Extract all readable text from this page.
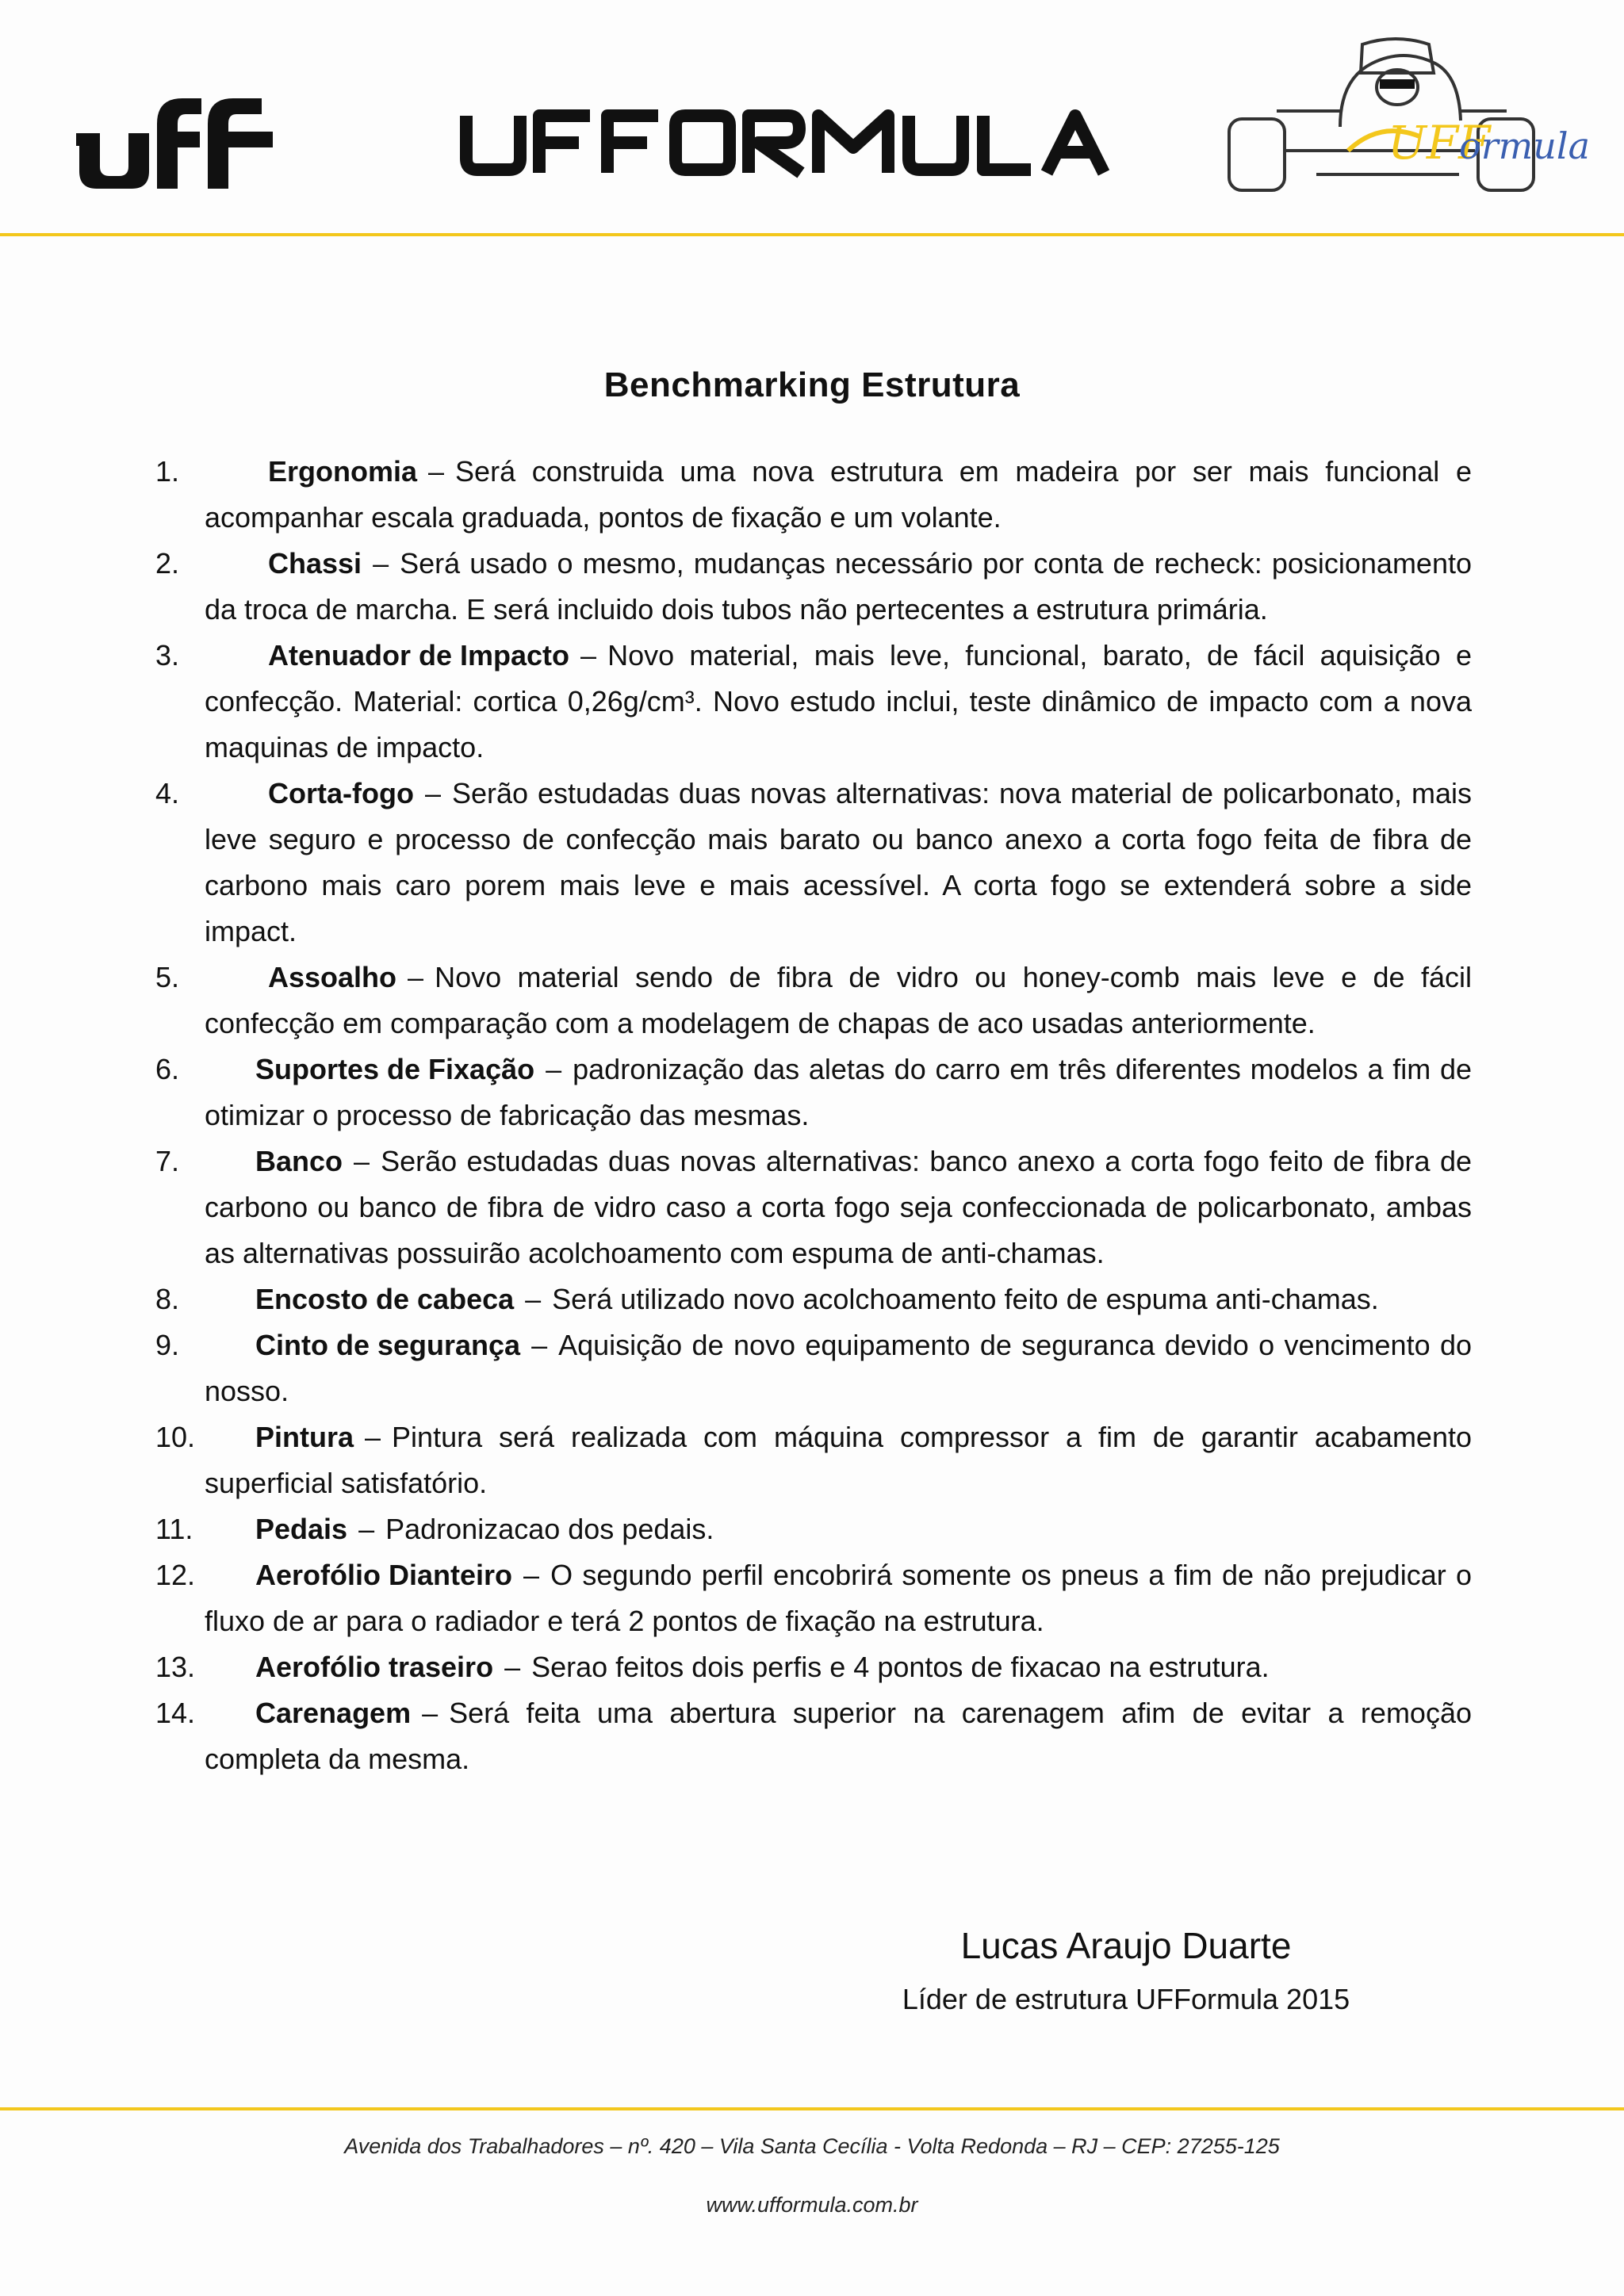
UFF
ormula
Benchmarking Estrutura
1.	Ergonomia – Será construida uma nova estrutura em madeira por ser mais funcional e acompanhar escala graduada, pontos de fixação e um volante.
2.	Chassi – Será usado o mesmo, mudanças necessário por conta de recheck: posicionamento da troca de marcha. E será incluido dois tubos não pertecentes a estrutura primária.
3.	Atenuador de Impacto – Novo material, mais leve, funcional, barato, de fácil aquisição e confecção. Material: cortica 0,26g/cm³. Novo estudo inclui, teste dinâmico de impacto com a nova maquinas de impacto.
4.	Corta-fogo – Serão estudadas duas novas alternativas: nova material de policarbonato, mais leve seguro e processo de confecção mais barato ou banco anexo a corta fogo feita de fibra de carbono mais caro porem mais leve e mais acessível. A corta fogo se extenderá sobre a side impact.
5.	Assoalho – Novo material sendo de fibra de vidro ou honey-comb mais leve e de fácil confecção em comparação com a modelagem de chapas de aco usadas anteriormente.
6.	Suportes de Fixação – padronização das aletas do carro em três diferentes modelos a fim de otimizar o processo de fabricação das mesmas.
7.	Banco – Serão estudadas duas novas alternativas: banco anexo a corta fogo feito de fibra de carbono ou banco de fibra de vidro caso a corta fogo seja confeccionada de policarbonato, ambas as alternativas possuirão acolchoamento com espuma de anti-chamas.
8.	Encosto de cabeca – Será utilizado novo acolchoamento feito de espuma anti-chamas.
9.	Cinto de segurança – Aquisição de novo equipamento de seguranca devido o vencimento do nosso.
10. Pintura – Pintura será realizada com máquina compressor a fim de garantir acabamento superficial satisfatório.
11.	Pedais – Padronizacao dos pedais.
12. Aerofólio Dianteiro – O segundo perfil encobrirá somente os pneus a fim de não prejudicar o fluxo de ar para o radiador e terá 2 pontos de fixação na estrutura.
13. Aerofólio traseiro – Serao feitos dois perfis e 4 pontos de fixacao na estrutura.
14. Carenagem – Será feita uma abertura superior na carenagem afim de evitar a remoção completa da mesma.
Lucas Araujo Duarte
Líder de estrutura UFFormula 2015
Avenida dos Trabalhadores – nº. 420 – Vila Santa Cecília - Volta Redonda – RJ – CEP: 27255-125
www.ufformula.com.br
